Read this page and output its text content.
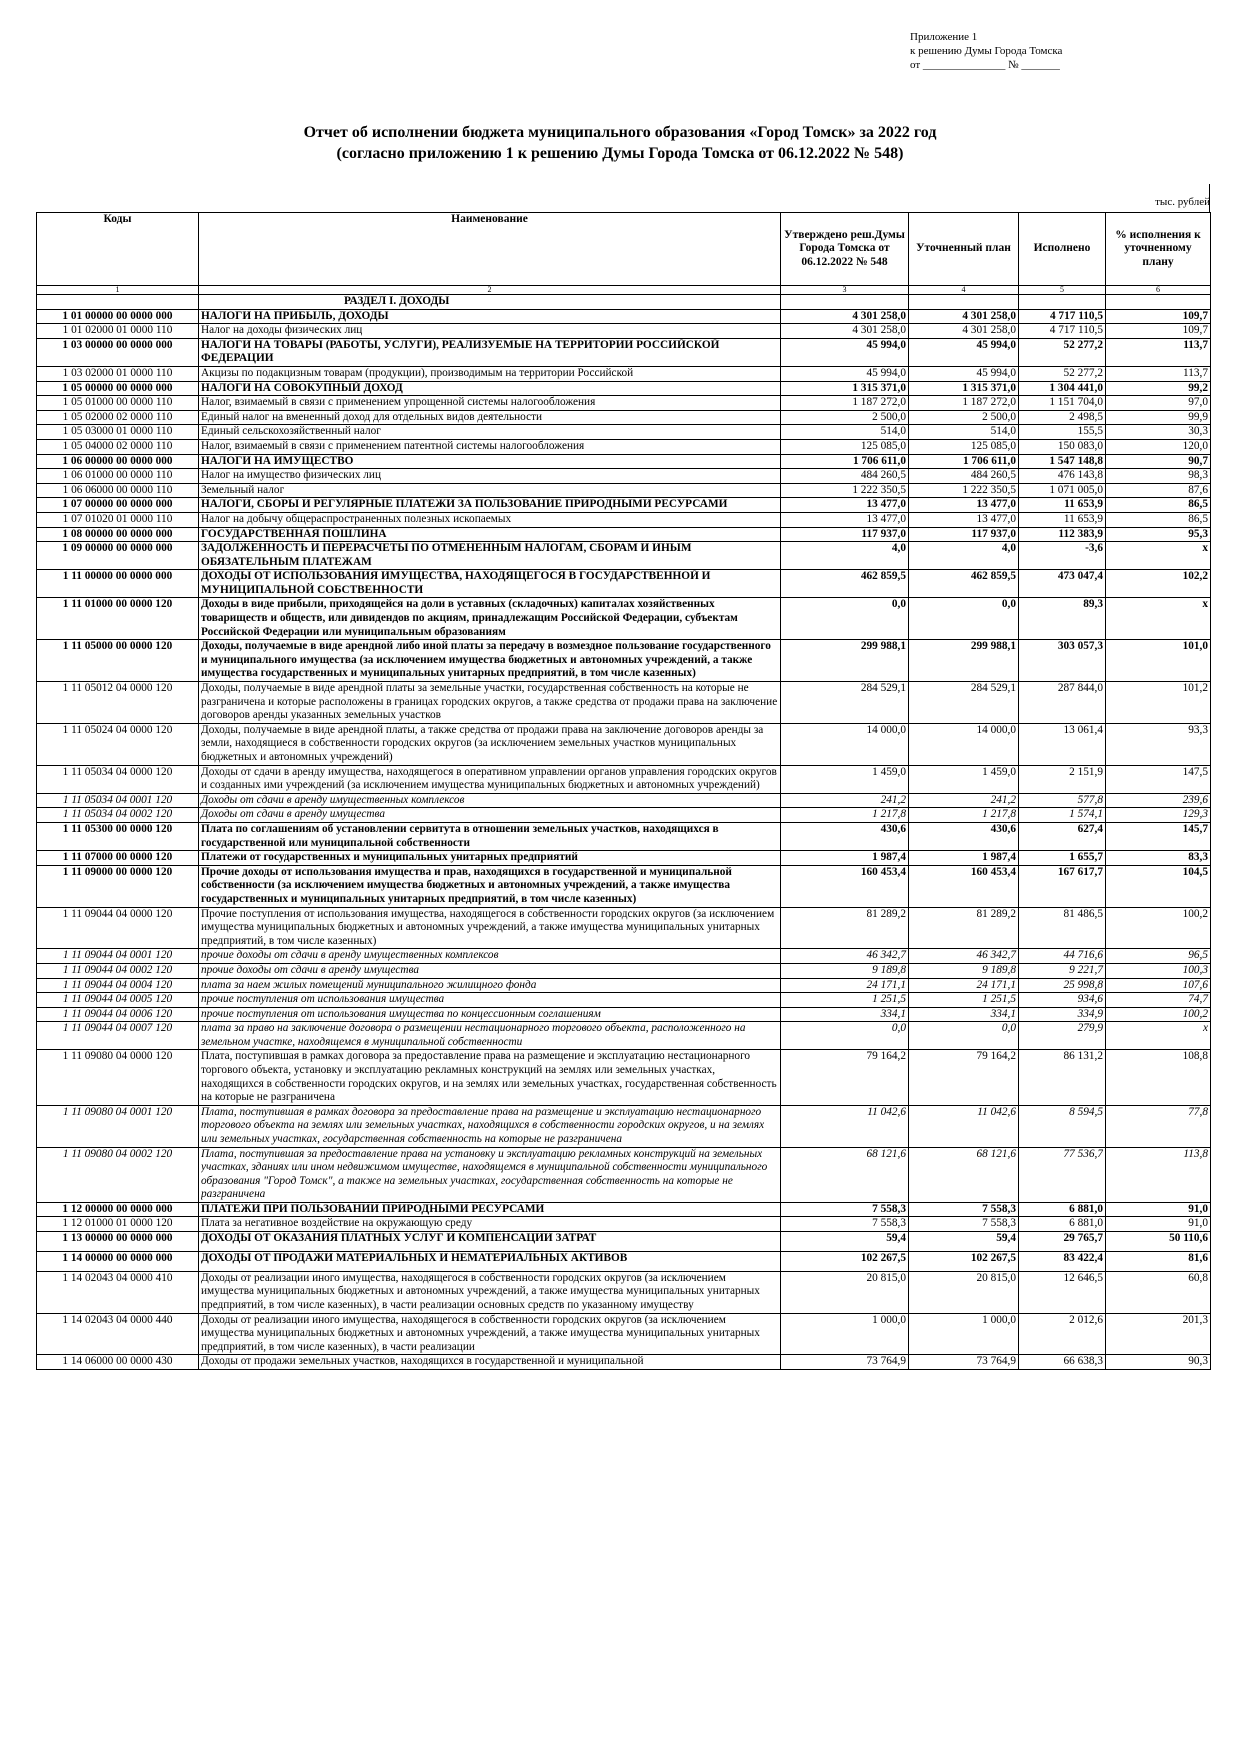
Приложение 1
к решению Думы Города Томска
от _______________ № _______
Отчет об исполнении бюджета муниципального образования «Город Томск» за 2022 год
(согласно приложению 1 к решению Думы Города Томска от 06.12.2022 № 548)
тыс. рублей
Коды	Наименование	Утверждено реш.Думы Города Томска от 06.12.2022 № 548	Уточненный план	Исполнено	% исполнения к уточненному плану
1	2	3	4	5	6
	РАЗДЕЛ I. ДОХОДЫ				
1 01 00000 00 0000 000	НАЛОГИ НА ПРИБЫЛЬ, ДОХОДЫ	4 301 258,0	4 301 258,0	4 717 110,5	109,7
1 01 02000 01 0000 110	Налог на доходы физических лиц	4 301 258,0	4 301 258,0	4 717 110,5	109,7
1 03 00000 00 0000 000	НАЛОГИ НА ТОВАРЫ (РАБОТЫ, УСЛУГИ), РЕАЛИЗУЕМЫЕ НА ТЕРРИТОРИИ РОССИЙСКОЙ ФЕДЕРАЦИИ	45 994,0	45 994,0	52 277,2	113,7
1 03 02000 01 0000 110	Акцизы по подакцизным товарам (продукции), производимым на территории Российской	45 994,0	45 994,0	52 277,2	113,7
1 05 00000 00 0000 000	НАЛОГИ НА СОВОКУПНЫЙ ДОХОД	1 315 371,0	1 315 371,0	1 304 441,0	99,2
1 05 01000 00 0000 110	Налог, взимаемый в связи с применением упрощенной системы налогообложения	1 187 272,0	1 187 272,0	1 151 704,0	97,0
1 05 02000 02 0000 110	Единый налог на вмененный доход для отдельных видов деятельности	2 500,0	2 500,0	2 498,5	99,9
1 05 03000 01 0000 110	Единый сельскохозяйственный налог	514,0	514,0	155,5	30,3
1 05 04000 02 0000 110	Налог, взимаемый в связи с применением патентной системы налогообложения	125 085,0	125 085,0	150 083,0	120,0
1 06 00000 00 0000 000	НАЛОГИ НА ИМУЩЕСТВО	1 706 611,0	1 706 611,0	1 547 148,8	90,7
1 06 01000 00 0000 110	Налог на имущество физических лиц	484 260,5	484 260,5	476 143,8	98,3
1 06 06000 00 0000 110	Земельный налог	1 222 350,5	1 222 350,5	1 071 005,0	87,6
1 07 00000 00 0000 000	НАЛОГИ, СБОРЫ И РЕГУЛЯРНЫЕ ПЛАТЕЖИ ЗА ПОЛЬЗОВАНИЕ ПРИРОДНЫМИ РЕСУРСАМИ	13 477,0	13 477,0	11 653,9	86,5
1 07 01020 01 0000 110	Налог на добычу общераспространенных полезных ископаемых	13 477,0	13 477,0	11 653,9	86,5
1 08 00000 00 0000 000	ГОСУДАРСТВЕННАЯ ПОШЛИНА	117 937,0	117 937,0	112 383,9	95,3
1 09 00000 00 0000 000	ЗАДОЛЖЕННОСТЬ И ПЕРЕРАСЧЕТЫ ПО ОТМЕНЕННЫМ НАЛОГАМ, СБОРАМ И ИНЫМ ОБЯЗАТЕЛЬНЫМ ПЛАТЕЖАМ	4,0	4,0	-3,6	x
1 11 00000 00 0000 000	ДОХОДЫ ОТ ИСПОЛЬЗОВАНИЯ ИМУЩЕСТВА, НАХОДЯЩЕГОСЯ В ГОСУДАРСТВЕННОЙ И МУНИЦИПАЛЬНОЙ СОБСТВЕННОСТИ	462 859,5	462 859,5	473 047,4	102,2
1 11 01000 00 0000 120	Доходы в виде прибыли, приходящейся на доли в уставных (складочных) капиталах хозяйственных товариществ и обществ, или дивидендов по акциям, принадлежащим Российской Федерации, субъектам Российской Федерации или муниципальным образованиям	0,0	0,0	89,3	x
1 11 05000 00 0000 120	Доходы, получаемые в виде арендной либо иной платы за передачу в возмездное пользование государственного и муниципального имущества (за исключением имущества бюджетных и автономных учреждений, а также имущества государственных и муниципальных унитарных предприятий, в том числе казенных)	299 988,1	299 988,1	303 057,3	101,0
1 11 05012 04 0000 120	Доходы, получаемые в виде арендной платы за земельные участки, государственная собственность на которые не разграничена и которые расположены в границах городских округов, а также средства от продажи права на заключение договоров аренды указанных земельных участков	284 529,1	284 529,1	287 844,0	101,2
1 11 05024 04 0000 120	Доходы, получаемые в виде арендной платы, а также средства от продажи права на заключение договоров аренды за земли, находящиеся в собственности городских округов (за исключением земельных участков муниципальных бюджетных и автономных учреждений)	14 000,0	14 000,0	13 061,4	93,3
1 11 05034 04 0000 120	Доходы от сдачи в аренду имущества, находящегося в оперативном управлении органов управления городских округов и созданных ими учреждений (за исключением имущества муниципальных бюджетных и автономных учреждений)	1 459,0	1 459,0	2 151,9	147,5
1 11 05034 04 0001 120	Доходы от сдачи в аренду имущественных комплексов	241,2	241,2	577,8	239,6
1 11 05034 04 0002 120	Доходы от сдачи в аренду имущества	1 217,8	1 217,8	1 574,1	129,3
1 11 05300 00 0000 120	Плата по соглашениям об установлении сервитута в отношении земельных участков, находящихся в государственной или муниципальной собственности	430,6	430,6	627,4	145,7
1 11 07000 00 0000 120	Платежи от государственных и муниципальных унитарных предприятий	1 987,4	1 987,4	1 655,7	83,3
1 11 09000 00 0000 120	Прочие доходы от использования имущества и прав, находящихся в государственной и муниципальной собственности (за исключением имущества бюджетных и автономных учреждений, а также имущества государственных и муниципальных унитарных предприятий, в том числе казенных)	160 453,4	160 453,4	167 617,7	104,5
1 11 09044 04 0000 120	Прочие поступления от использования имущества, находящегося в собственности городских округов (за исключением имущества муниципальных бюджетных и автономных учреждений, а также имущества муниципальных унитарных предприятий, в том числе казенных)	81 289,2	81 289,2	81 486,5	100,2
1 11 09044 04 0001 120	прочие доходы от сдачи в аренду имущественных комплексов	46 342,7	46 342,7	44 716,6	96,5
1 11 09044 04 0002 120	прочие доходы от сдачи в аренду имущества	9 189,8	9 189,8	9 221,7	100,3
1 11 09044 04 0004 120	плата за наем жилых помещений муниципального жилищного фонда	24 171,1	24 171,1	25 998,8	107,6
1 11 09044 04 0005 120	прочие поступления от использования имущества	1 251,5	1 251,5	934,6	74,7
1 11 09044 04 0006 120	прочие поступления от использования имущества по концессионным соглашениям	334,1	334,1	334,9	100,2
1 11 09044 04 0007 120	плата за право на заключение договора о размещении нестационарного торгового объекта, расположенного на земельном участке, находящемся в муниципальной собственности	0,0	0,0	279,9	x
1 11 09080 04 0000 120	Плата, поступившая в рамках договора за предоставление права на размещение и эксплуатацию нестационарного торгового объекта, установку и эксплуатацию рекламных конструкций на землях или земельных участках, находящихся в собственности городских округов, и на землях или земельных участках, государственная собственность на которые не разграничена	79 164,2	79 164,2	86 131,2	108,8
1 11 09080 04 0001 120	Плата, поступившая в рамках договора за предоставление права на размещение и эксплуатацию нестационарного торгового объекта на землях или земельных участках, находящихся в собственности городских округов, и на землях или земельных участках, государственная собственность на которые не разграничена	11 042,6	11 042,6	8 594,5	77,8

1 11 09080 04 0002 120	Плата, поступившая за предоставление права на установку и эксплуатацию рекламных конструкций на земельных участках, зданиях или ином недвижимом имуществе, находящемся в муниципальной собственности муниципального образования "Город Томск", а также на земельных участках, государственная собственность на которые не разграничена	68 121,6	68 121,6	77 536,7	113,8

1 12 00000 00 0000 000	ПЛАТЕЖИ ПРИ ПОЛЬЗОВАНИИ ПРИРОДНЫМИ РЕСУРСАМИ	7 558,3	7 558,3	6 881,0	91,0
1 12 01000 01 0000 120	Плата за негативное воздействие на окружающую среду	7 558,3	7 558,3	6 881,0	91,0
1 13 00000 00 0000 000	ДОХОДЫ ОТ ОКАЗАНИЯ ПЛАТНЫХ УСЛУГ И КОМПЕНСАЦИИ ЗАТРАТ	59,4	59,4	29 765,7	50 110,6
1 14 00000 00 0000 000	ДОХОДЫ ОТ ПРОДАЖИ МАТЕРИАЛЬНЫХ И НЕМАТЕРИАЛЬНЫХ АКТИВОВ	102 267,5	102 267,5	83 422,4	81,6
1 14 02043 04 0000 410	Доходы от реализации иного имущества, находящегося в собственности городских округов (за исключением имущества муниципальных бюджетных и автономных учреждений, а также имущества муниципальных унитарных предприятий, в том числе казенных), в части реализации основных средств по указанному имуществу	20 815,0	20 815,0	12 646,5	60,8
1 14 02043 04 0000 440	Доходы от реализации иного имущества, находящегося в собственности городских округов (за исключением имущества муниципальных бюджетных и автономных учреждений, а также имущества муниципальных унитарных предприятий, в том числе казенных), в части реализации	1 000,0	1 000,0	2 012,6	201,3
1 14 06000 00 0000 430	Доходы от продажи земельных участков, находящихся в государственной и муниципальной	73 764,9	73 764,9	66 638,3	90,3
